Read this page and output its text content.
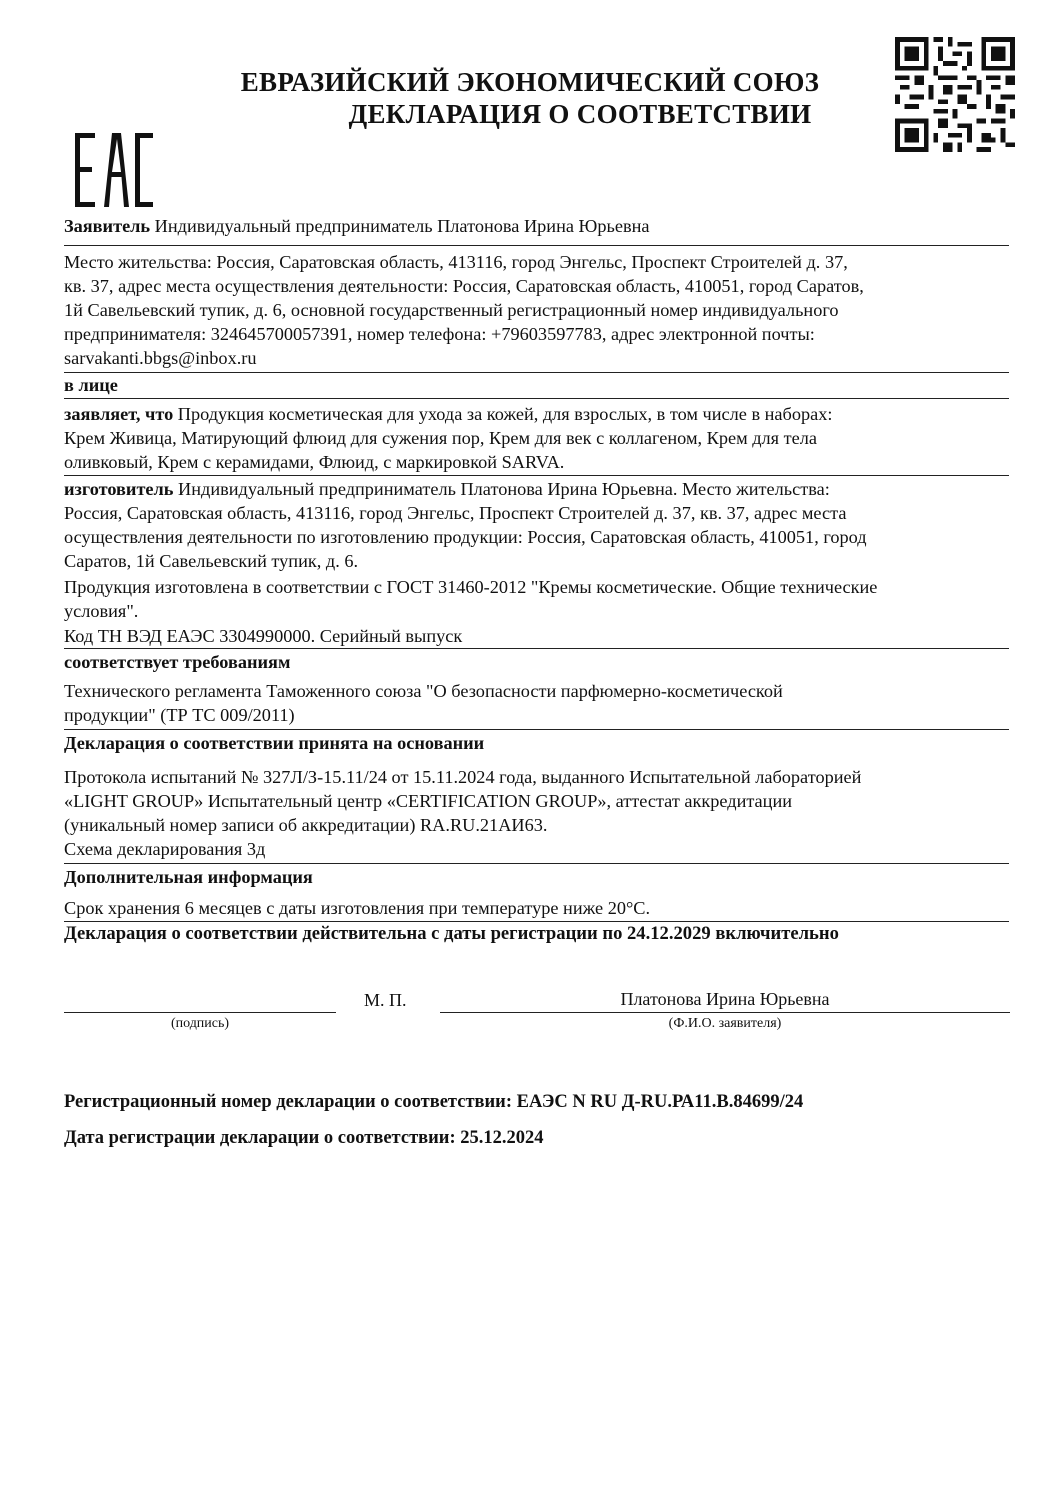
ЕВРАЗИЙСКИЙ ЭКОНОМИЧЕСКИЙ СОЮЗ
ДЕКЛАРАЦИЯ О СООТВЕТСТВИИ
Заявитель Индивидуальный предприниматель Платонова Ирина Юрьевна
Место жительства: Россия, Саратовская область, 413116, город Энгельс, Проспект Строителей д. 37,
кв. 37, адрес места осуществления деятельности: Россия, Саратовская область, 410051, город Саратов,
1й Савельевский тупик, д. 6, основной государственный регистрационный номер индивидуального
предпринимателя: 324645700057391, номер телефона: +79603597783, адрес электронной почты:
sarvakanti.bbgs@inbox.ru
в лице
заявляет, что Продукция косметическая для ухода за кожей, для взрослых, в том числе в наборах:
Крем Живица, Матирующий флюид для сужения пор, Крем для век с коллагеном, Крем для тела
оливковый, Крем с керамидами, Флюид, с маркировкой SARVA.
изготовитель Индивидуальный предприниматель Платонова Ирина Юрьевна. Место жительства:
Россия, Саратовская область, 413116, город Энгельс, Проспект Строителей д. 37, кв. 37, адрес места
осуществления деятельности по изготовлению продукции: Россия, Саратовская область, 410051, город
Саратов, 1й Савельевский тупик, д. 6.
Продукция изготовлена в соответствии с ГОСТ 31460-2012 "Кремы косметические. Общие технические
условия".
Код ТН ВЭД ЕАЭС 3304990000. Серийный выпуск
соответствует требованиям
Технического регламента Таможенного союза "О безопасности парфюмерно-косметической
продукции" (ТР ТС 009/2011)
Декларация о соответствии принята на основании
Протокола испытаний № 327Л/З-15.11/24 от 15.11.2024 года, выданного Испытательной лабораторией
«LIGHT GROUP» Испытательный центр «CERTIFICATION GROUP», аттестат аккредитации
(уникальный номер записи об аккредитации) RA.RU.21АИ63.
Схема декларирования 3д
Дополнительная информация
Срок хранения 6 месяцев с даты изготовления при температуре ниже 20°С.
Декларация о соответствии действительна с даты регистрации по 24.12.2029 включительно
М. П.	Платонова Ирина Юрьевна
(подпись)	(Ф.И.О. заявителя)
Регистрационный номер декларации о соответствии: ЕАЭС N RU Д-RU.РА11.В.84699/24
Дата регистрации декларации о соответствии: 25.12.2024
